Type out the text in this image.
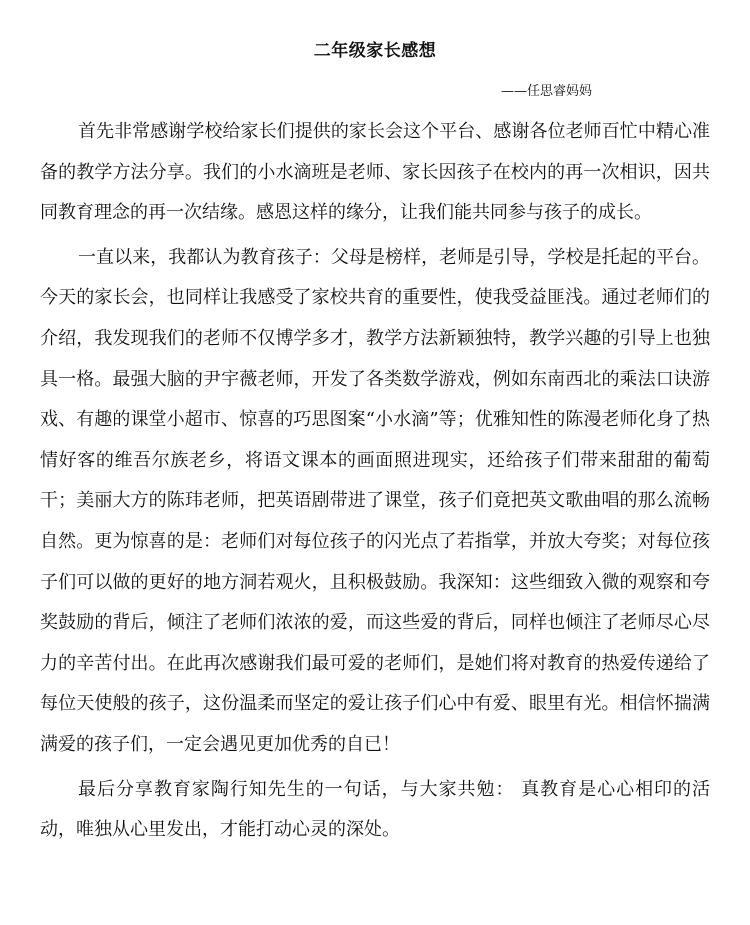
二年级家长感想
——任思睿妈妈

首先非常感谢学校给家长们提供的家长会这个平台、感谢各位老师百忙中精心准备的教学方法分享。我们的小水滴班是老师、家长因孩子在校内的再一次相识，因共同教育理念的再一次结缘。感恩这样的缘分，让我们能共同参与孩子的成长。

一直以来，我都认为教育孩子：父母是榜样，老师是引导，学校是托起的平台。今天的家长会，也同样让我感受了家校共育的重要性，使我受益匪浅。通过老师们的介绍，我发现我们的老师不仅博学多才，教学方法新颖独特，教学兴趣的引导上也独具一格。最强大脑的尹宇薇老师，开发了各类数学游戏，例如东南西北的乘法口诀游戏、有趣的课堂小超市、惊喜的巧思图案“小水滴”等；优雅知性的陈漫老师化身了热情好客的维吾尔族老乡，将语文课本的画面照进现实，还给孩子们带来甜甜的葡萄干；美丽大方的陈玮老师，把英语剧带进了课堂，孩子们竟把英文歌曲唱的那么流畅自然。更为惊喜的是：老师们对每位孩子的闪光点了若指掌，并放大夸奖；对每位孩子们可以做的更好的地方洞若观火，且积极鼓励。我深知：这些细致入微的观察和夸奖鼓励的背后，倾注了老师们浓浓的爱，而这些爱的背后，同样也倾注了老师尽心尽力的辛苦付出。在此再次感谢我们最可爱的老师们，是她们将对教育的热爱传递给了每位天使般的孩子，这份温柔而坚定的爱让孩子们心中有爱、眼里有光。相信怀揣满满爱的孩子们，一定会遇见更加优秀的自已！

最后分享教育家陶行知先生的一句话，与大家共勉： 真教育是心心相印的活动，唯独从心里发出，才能打动心灵的深处。
